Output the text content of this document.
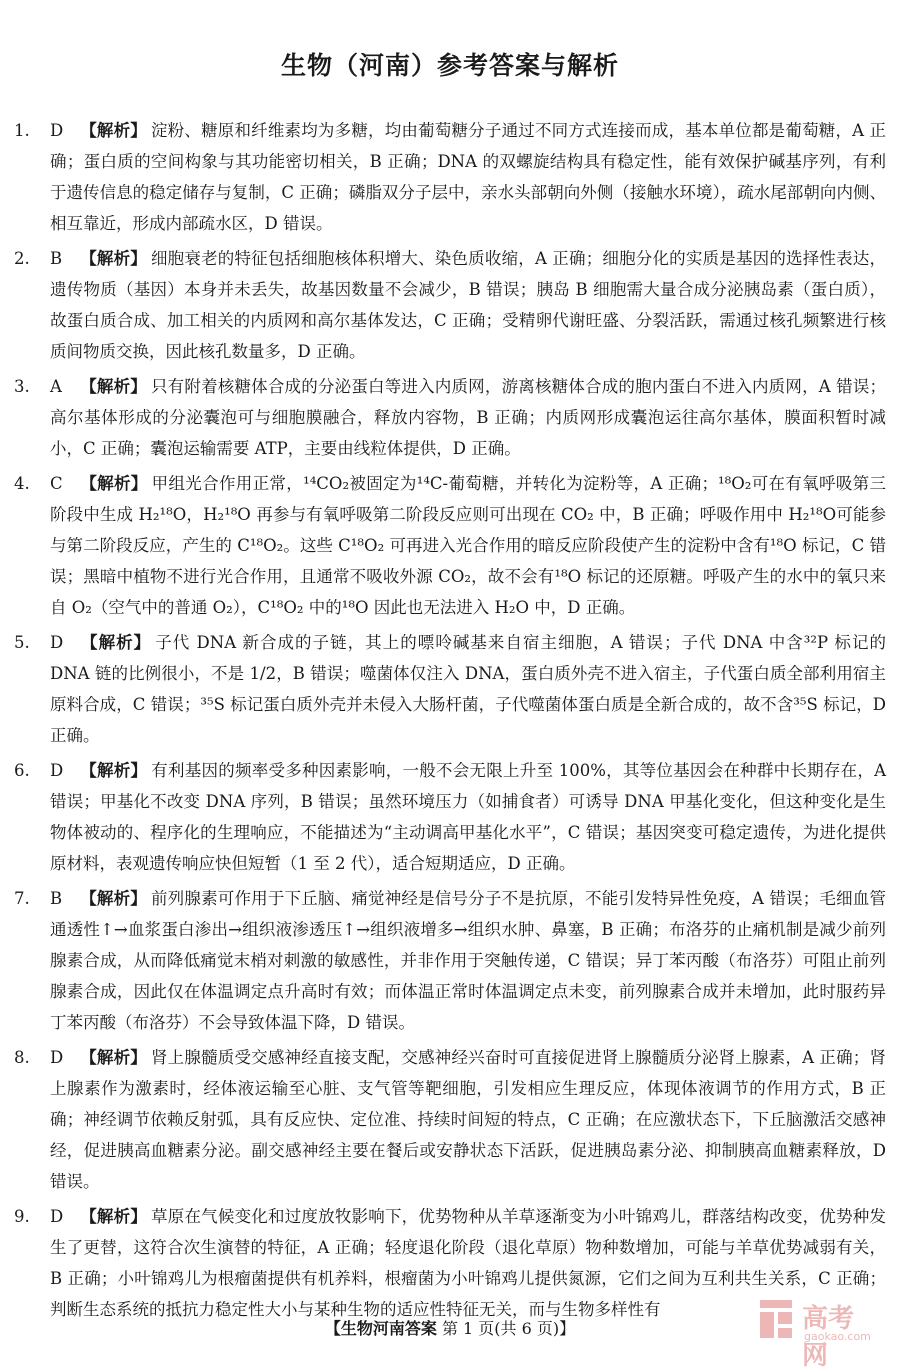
生物（河南）参考答案与解析
1.	D 【解析】 淀粉、糖原和纤维素均为多糖，均由葡萄糖分子通过不同方式连接而成，基本单位都是葡萄糖，A 正确；蛋白质的空间构象与其功能密切相关，B 正确；DNA 的双螺旋结构具有稳定性，能有效保护碱基序列，有利于遗传信息的稳定储存与复制，C 正确；磷脂双分子层中，亲水头部朝向外侧（接触水环境），疏水尾部朝向内侧、相互靠近，形成内部疏水区，D 错误。
2.	B 【解析】 细胞衰老的特征包括细胞核体积增大、染色质收缩，A 正确；细胞分化的实质是基因的选择性表达，遗传物质（基因）本身并未丢失，故基因数量不会减少，B 错误；胰岛 B 细胞需大量合成分泌胰岛素（蛋白质），故蛋白质合成、加工相关的内质网和高尔基体发达，C 正确；受精卵代谢旺盛、分裂活跃，需通过核孔频繁进行核质间物质交换，因此核孔数量多，D 正确。
3.	A 【解析】 只有附着核糖体合成的分泌蛋白等进入内质网，游离核糖体合成的胞内蛋白不进入内质网，A 错误；高尔基体形成的分泌囊泡可与细胞膜融合，释放内容物，B 正确；内质网形成囊泡运往高尔基体，膜面积暂时减小，C 正确；囊泡运输需要 ATP，主要由线粒体提供，D 正确。
4.	C 【解析】 甲组光合作用正常，¹⁴CO₂被固定为¹⁴C-葡萄糖，并转化为淀粉等，A 正确；¹⁸O₂可在有氧呼吸第三阶段中生成 H₂¹⁸O，H₂¹⁸O 再参与有氧呼吸第二阶段反应则可出现在 CO₂ 中，B 正确；呼吸作用中 H₂¹⁸O可能参与第二阶段反应，产生的 C¹⁸O₂。这些 C¹⁸O₂ 可再进入光合作用的暗反应阶段使产生的淀粉中含有¹⁸O 标记，C 错误；黑暗中植物不进行光合作用，且通常不吸收外源 CO₂，故不会有¹⁸O 标记的还原糖。呼吸产生的水中的氧只来自 O₂（空气中的普通 O₂），C¹⁸O₂ 中的¹⁸O 因此也无法进入 H₂O 中，D 正确。
5.	D 【解析】 子代 DNA 新合成的子链，其上的嘌呤碱基来自宿主细胞，A 错误；子代 DNA 中含³²P 标记的 DNA 链的比例很小，不是 1/2，B 错误；噬菌体仅注入 DNA，蛋白质外壳不进入宿主，子代蛋白质全部利用宿主原料合成，C 错误；³⁵S 标记蛋白质外壳并未侵入大肠杆菌，子代噬菌体蛋白质是全新合成的，故不含³⁵S 标记，D 正确。
6.	D 【解析】 有利基因的频率受多种因素影响，一般不会无限上升至 100%，其等位基因会在种群中长期存在，A 错误；甲基化不改变 DNA 序列，B 错误；虽然环境压力（如捕食者）可诱导 DNA 甲基化变化，但这种变化是生物体被动的、程序化的生理响应，不能描述为“主动调高甲基化水平”，C 错误；基因突变可稳定遗传，为进化提供原材料，表观遗传响应快但短暂（1 至 2 代），适合短期适应，D 正确。
7.	B 【解析】 前列腺素可作用于下丘脑、痛觉神经是信号分子不是抗原，不能引发特异性免疫，A 错误；毛细血管通透性↑→血浆蛋白渗出→组织液渗透压↑→组织液增多→组织水肿、鼻塞，B 正确；布洛芬的止痛机制是减少前列腺素合成，从而降低痛觉末梢对刺激的敏感性，并非作用于突触传递，C 错误；异丁苯丙酸（布洛芬）可阻止前列腺素合成，因此仅在体温调定点升高时有效；而体温正常时体温调定点未变，前列腺素合成并未增加，此时服药异丁苯丙酸（布洛芬）不会导致体温下降，D 错误。
8.	D 【解析】 肾上腺髓质受交感神经直接支配，交感神经兴奋时可直接促进肾上腺髓质分泌肾上腺素，A 正确；肾上腺素作为激素时，经体液运输至心脏、支气管等靶细胞，引发相应生理反应，体现体液调节的作用方式，B 正确；神经调节依赖反射弧，具有反应快、定位准、持续时间短的特点，C 正确；在应激状态下，下丘脑激活交感神经，促进胰高血糖素分泌。副交感神经主要在餐后或安静状态下活跃，促进胰岛素分泌、抑制胰高血糖素释放，D 错误。
9.	D 【解析】 草原在气候变化和过度放牧影响下，优势物种从羊草逐渐变为小叶锦鸡儿，群落结构改变，优势种发生了更替，这符合次生演替的特征，A 正确；轻度退化阶段（退化草原）物种数增加，可能与羊草优势减弱有关，B 正确；小叶锦鸡儿为根瘤菌提供有机养料，根瘤菌为小叶锦鸡儿提供氮源，它们之间为互利共生关系，C 正确；判断生态系统的抵抗力稳定性大小与某种生物的适应性特征无关，而与生物多样性有
【生物河南答案 第 1 页(共 6 页)】	高考网
gaokao.com
